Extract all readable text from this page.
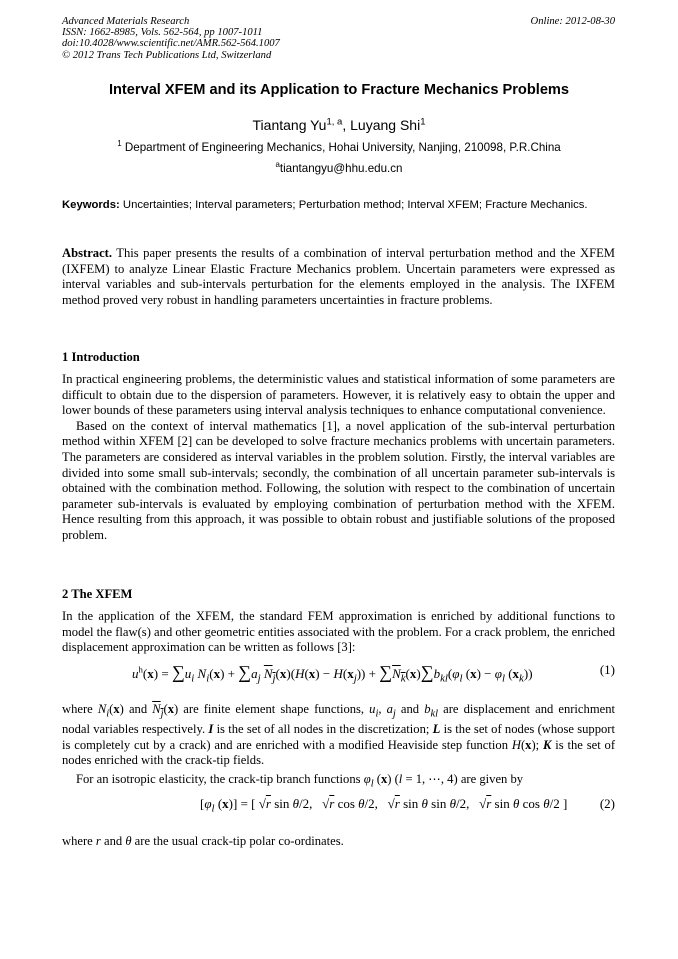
Advanced Materials Research
ISSN: 1662-8985, Vols. 562-564, pp 1007-1011
doi:10.4028/www.scientific.net/AMR.562-564.1007
© 2012 Trans Tech Publications Ltd, Switzerland
Online: 2012-08-30
Interval XFEM and its Application to Fracture Mechanics Problems
Tiantang Yu$^{1, a}$, Luyang Shi$^1$
$^1$ Department of Engineering Mechanics, Hohai University, Nanjing, 210098, P.R.China
$^a$tiantangyu@hhu.edu.cn
Keywords: Uncertainties; Interval parameters; Perturbation method; Interval XFEM; Fracture Mechanics.
Abstract. This paper presents the results of a combination of interval perturbation method and the XFEM (IXFEM) to analyze Linear Elastic Fracture Mechanics problem. Uncertain parameters were expressed as interval variables and sub-intervals perturbation for the elements employed in the analysis. The IXFEM method proved very robust in handling parameters uncertainties in fracture problems.
1 Introduction
In practical engineering problems, the deterministic values and statistical information of some parameters are difficult to obtain due to the dispersion of parameters. However, it is relatively easy to obtain the upper and lower bounds of these parameters using interval analysis techniques to enhance computational convenience.
Based on the context of interval mathematics [1], a novel application of the sub-interval perturbation method within XFEM [2] can be developed to solve fracture mechanics problems with uncertain parameters. The parameters are considered as interval variables in the problem solution. Firstly, the interval variables are divided into some small sub-intervals; secondly, the combination of all uncertain parameter sub-intervals is obtained with the combination method. Following, the solution with respect to the combination of uncertain parameter sub-intervals is evaluated by employing combination of perturbation method with the XFEM. Hence resulting from this approach, it was possible to obtain robust and justifiable solutions of the proposed problem.
2 The XFEM
In the application of the XFEM, the standard FEM approximation is enriched by additional functions to model the flaw(s) and other geometric entities associated with the problem. For a crack problem, the enriched displacement approximation can be written as follows [3]:
$u^h(x) = \sum u_i$ $N_i(x) + \sum a_j$ $N_j(x)(H(x) - H(x_j)) + \sum N_k(x)\sum b_{kl}(\varphi_l$ $(x) - \varphi_l$ $(x_k)$)	(1)
where $N_i(x)$ and $N_j(x)$ are finite element shape functions, $u_i$, $a_j$ and $b_{kl}$ are displacement and enrichment nodal variables respectively. I is the set of all nodes in the discretization; L is the set of nodes (whose support is completely cut by a crack) and are enriched with a modified Heaviside step function H(x); K is the set of nodes enriched with the crack-tip fields.
For an isotropic elasticity, the crack-tip branch functions $\varphi_l$ (x) (l = 1, ⋯, 4) are given by
[$\varphi_l$ (x)] = [ √r sin θ/2,   √r cos θ/2,   √r sin θ sin θ/2,   √r sin θ cos θ/2 ]	(2)
where r and θ are the usual crack-tip polar co-ordinates.
